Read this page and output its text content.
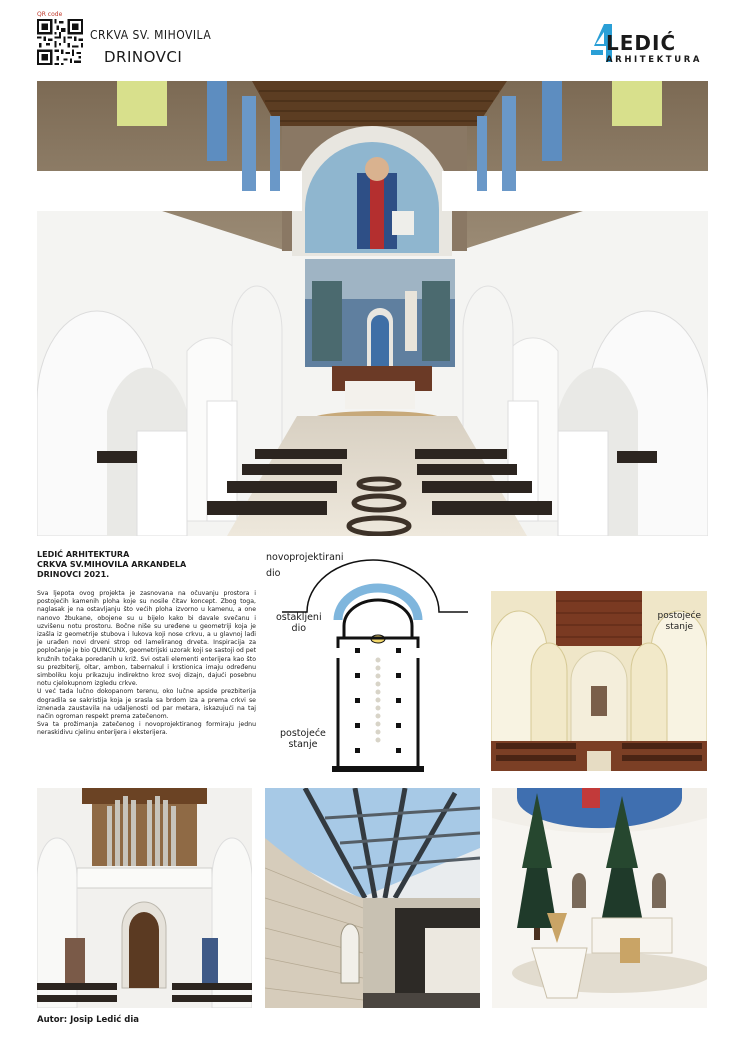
QR code
CRKVA SV. MIHOVILA
DRINOVCI
LEDIĆ
ARHITEKTURA
LEDIĆ ARHITEKTURA
CRKVA SV.MIHOVILA ARKANĐELA
DRINOVCI 2021.

Sva ljepota ovog projekta je zasnovana na očuvanju prostora i postojećih kamenih ploha koje su nosile čitav koncept. Zbog toga, naglasak je na ostavljanju što većih ploha izvorno u kamenu, a one nanovo žbukane, obojene su u bijelo kako bi davale svečanu i uzvišenu notu prostoru. Bočne niše su uređene u geometriji koja je izašla iz geometrije stubova i lukova koji nose crkvu, a u glavnoj lađi je urađen novi drveni strop od lameliranog drveta. Inspiracija za popločanje je bio QUINCUNX, geometrijski uzorak koji se sastoji od pet kružnih točaka poredanih u križ. Svi ostali elementi enterijera kao što su prezbiterij, oltar, ambon, tabernakul i krstionica imaju određenu simboliku koju prikazuju indirektno kroz svoj dizajn, dajući posebnu notu cjelokupnom izgledu crkve.

U već tada lučno dokopanom terenu, oko lučne apside prezbiterija dogradila se sakristija koja je srasla sa brdom iza a prema crkvi se iznenada zaustavila na udaljenosti od par metara, iskazujući na taj način ogroman respekt prema zatečenom.

Sva ta prožimanja zatečenog i novoprojektiranog formiraju jednu neraskidivu cjelinu enterijera i eksterijera.

novoprojektirani
dio
ostakljeni
dio
postojeće
stanje
postojeće
stanje
Autor: Josip Ledić dia
